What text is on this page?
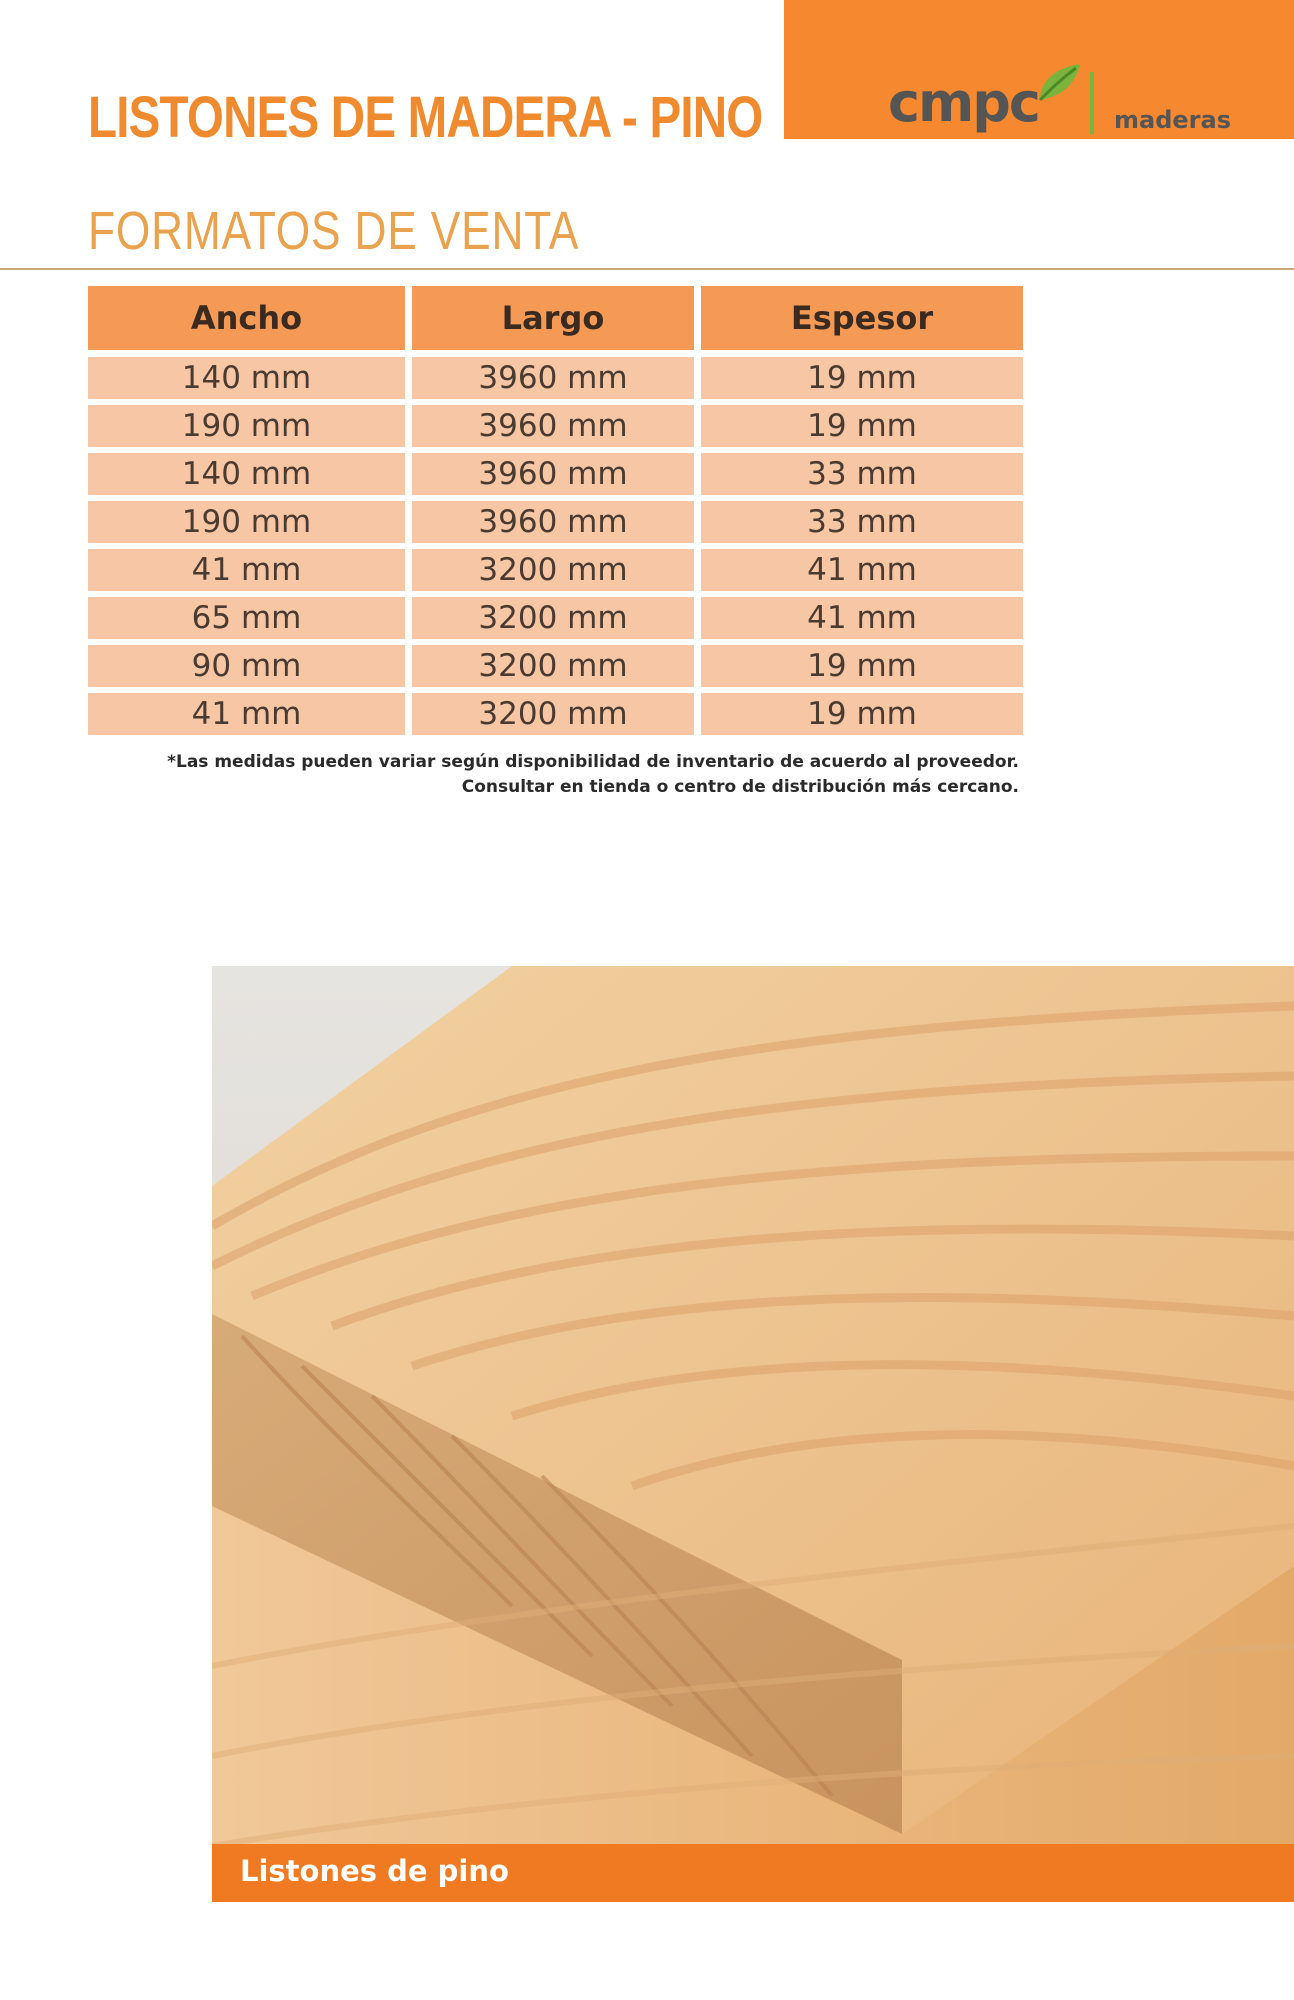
LISTONES DE MADERA - PINO cmpc	maderas
FORMATOS DE VENTA
Ancho	Largo	Espesor
140 mm	3960 mm	19 mm
190 mm	3960 mm	19 mm
140 mm	3960 mm	33 mm
190 mm	3960 mm	33 mm
41 mm	3200 mm	41 mm
65 mm	3200 mm	41 mm
90 mm	3200 mm	19 mm
41 mm	3200 mm	19 mm
*Las medidas pueden variar según disponibilidad de inventario de acuerdo al proveedor.
Consultar en tienda o centro de distribución más cercano.
Listones de pino
